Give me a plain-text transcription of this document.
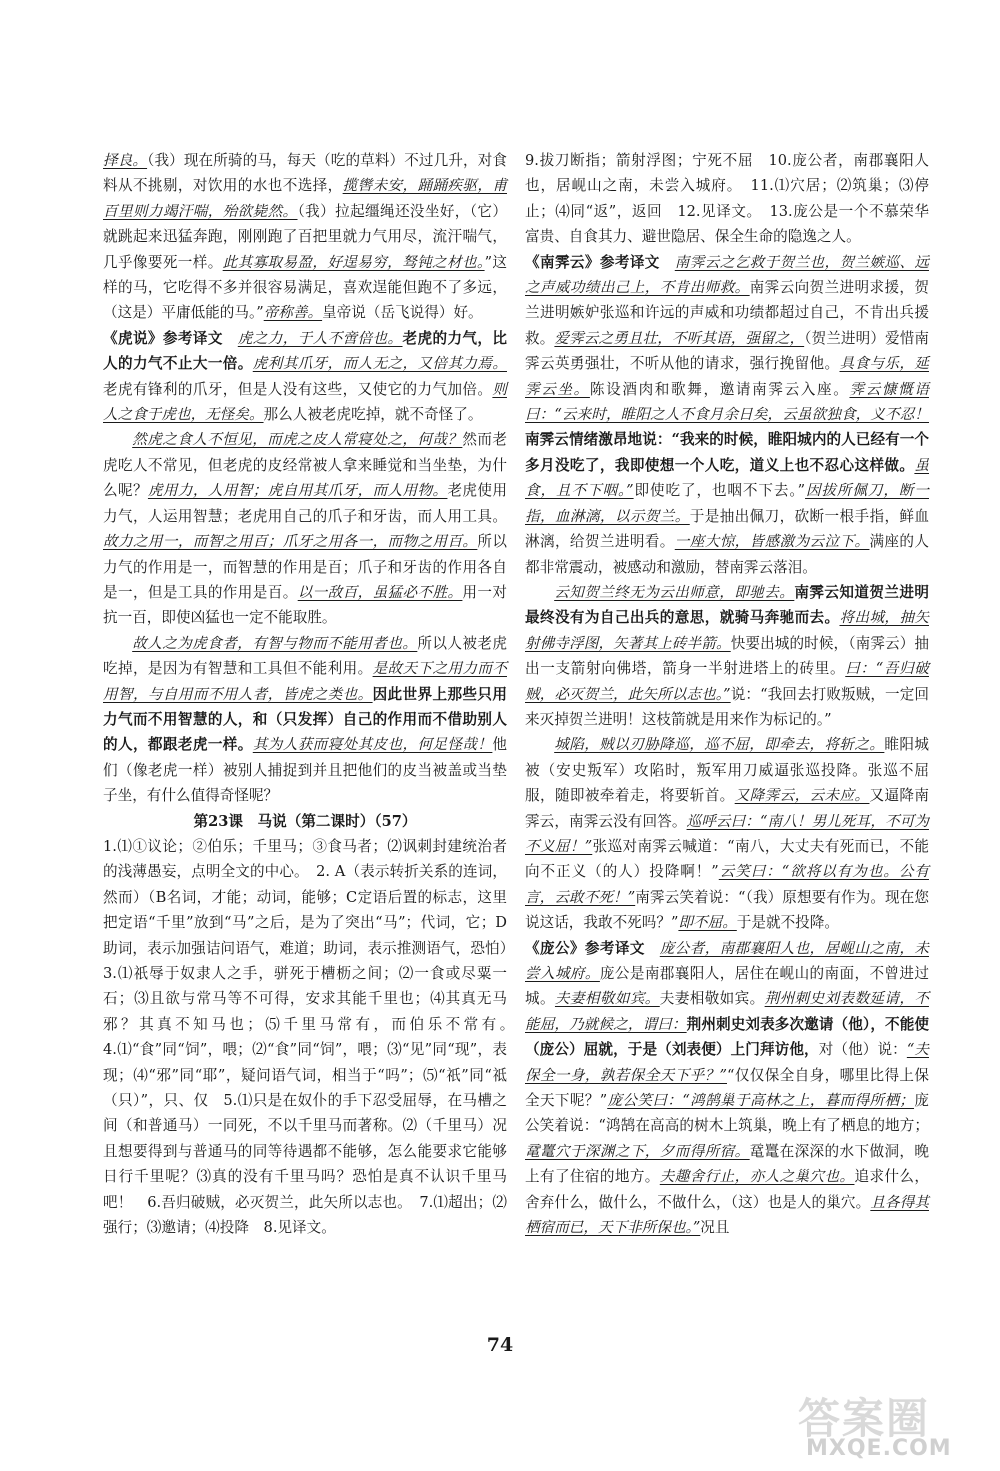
择良。（我）现在所骑的马，每天（吃的草料）不过几升，对食料从不挑剔，对饮用的水也不选择，揽辔未安，踊踊疾驱，甫百里则力竭汗喘，殆欲毙然。（我）拉起缰绳还没坐好，（它）就跳起来迅猛奔跑，刚刚跑了百把里就力气用尽，流汗喘气，几乎像要死一样。此其寡取易盈，好逞易穷，驽钝之材也。”这样的马，它吃得不多并很容易满足，喜欢逞能但跑不了多远，（这是）平庸低能的马。”帝称善。皇帝说（岳飞说得）好。

《虎说》参考译文　虎之力，于人不啻倍也。老虎的力气，比人的力气不止大一倍。虎利其爪牙，而人无之，又倍其力焉。老虎有锋利的爪牙，但是人没有这些，又使它的力气加倍。则人之食于虎也，无怪矣。那么人被老虎吃掉，就不奇怪了。

然虎之食人不恒见，而虎之皮人常寝处之，何哉？然而老虎吃人不常见，但老虎的皮经常被人拿来睡觉和当坐垫，为什么呢？虎用力，人用智；虎自用其爪牙，而人用物。老虎使用力气，人运用智慧；老虎用自己的爪子和牙齿，而人用工具。故力之用一，而智之用百；爪牙之用各一，而物之用百。所以力气的作用是一，而智慧的作用是百；爪子和牙齿的作用各自是一，但是工具的作用是百。以一敌百，虽猛必不胜。用一对抗一百，即使凶猛也一定不能取胜。

故人之为虎食者，有智与物而不能用者也。所以人被老虎吃掉，是因为有智慧和工具但不能利用。是故天下之用力而不用智，与自用而不用人者，皆虎之类也。因此世界上那些只用力气而不用智慧的人，和（只发挥）自己的作用而不借助别人的人，都跟老虎一样。其为人获而寝处其皮也，何足怪哉！他们（像老虎一样）被别人捕捉到并且把他们的皮当被盖或当垫子坐，有什么值得奇怪呢？

第23课　马说（第二课时）（57）

1.⑴①议论；②伯乐；千里马；③食马者；⑵讽刺封建统治者的浅薄愚妄，点明全文的中心。　2. A（表示转折关系的连词，然而）（B名词，才能；动词，能够；C定语后置的标志，这里把定语“千里”放到“马”之后，是为了突出“马”；代词，它；D助词，表示加强诘问语气，难道；助词，表示推测语气，恐怕）　3.⑴祇辱于奴隶人之手，骈死于槽枥之间；⑵一食或尽粟一石；⑶且欲与常马等不可得，安求其能千里也；⑷其真无马邪？其真不知马也；⑸千里马常有，而伯乐不常有。　4.⑴“食”同“饲”，喂；⑵“食”同“饲”，喂；⑶“见”同“现”，表现；⑷“邪”同“耶”，疑问语气词，相当于“吗”；⑸“祇”同“祗（只）”，只、仅　5.⑴只是在奴仆的手下忍受屈辱，在马槽之间（和普通马）一同死，不以千里马而著称。⑵（千里马）况且想要得到与普通马的同等待遇都不能够，怎么能要求它能够日行千里呢？⑶真的没有千里马吗？恐怕是真不认识千里马吧！　6.吾归破贼，必灭贺兰，此矢所以志也。　7.⑴超出；⑵强行；⑶邀请；⑷投降　8.见译文。

9.拔刀断指；箭射浮图；宁死不屈　10.庞公者，南郡襄阳人也，居岘山之南，未尝入城府。　11.⑴穴居；⑵筑巢；⑶停止；⑷同“返”，返回　12.见译文。　13.庞公是一个不慕荣华富贵、自食其力、避世隐居、保全生命的隐逸之人。

《南霁云》参考译文　南霁云之乞救于贺兰也，贺兰嫉巡、远之声威功绩出己上，不肯出师救。南霁云向贺兰进明求援，贺兰进明嫉妒张巡和许远的声威和功绩都超过自己，不肯出兵援救。爱霁云之勇且壮，不听其语，强留之，（贺兰进明）爱惜南霁云英勇强壮，不听从他的请求，强行挽留他。具食与乐，延霁云坐。陈设酒肉和歌舞，邀请南霁云入座。霁云慷慨语曰：“云来时，睢阳之人不食月余日矣，云虽欲独食，义不忍！南霁云情绪激昂地说：“我来的时候，睢阳城内的人已经有一个多月没吃了，我即使想一个人吃，道义上也不忍心这样做。虽食，且不下咽。”即使吃了，也咽不下去。”因拔所佩刀，断一指，血淋漓，以示贺兰。于是抽出佩刀，砍断一根手指，鲜血淋漓，给贺兰进明看。一座大惊，皆感激为云泣下。满座的人都非常震动，被感动和激励，替南霁云落泪。

云知贺兰终无为云出师意，即驰去。南霁云知道贺兰进明最终没有为自己出兵的意思，就骑马奔驰而去。将出城，抽矢射佛寺浮图，矢著其上砖半箭。快要出城的时候，（南霁云）抽出一支箭射向佛塔，箭身一半射进塔上的砖里。曰：“吾归破贼，必灭贺兰，此矢所以志也。”说：“我回去打败叛贼，一定回来灭掉贺兰进明！这枝箭就是用来作为标记的。”

城陷，贼以刃胁降巡，巡不屈，即牵去，将斩之。睢阳城被（安史叛军）攻陷时，叛军用刀威逼张巡投降。张巡不屈服，随即被牵着走，将要斩首。又降霁云，云未应。又逼降南霁云，南霁云没有回答。巡呼云曰：“南八！男儿死耳，不可为不义屈！”张巡对南霁云喊道：“南八，大丈夫有死而已，不能向不正义（的人）投降啊！”云笑曰：“欲将以有为也。公有言，云敢不死！”南霁云笑着说：“（我）原想要有作为。现在您说这话，我敢不死吗？”即不屈。于是就不投降。

《庞公》参考译文　庞公者，南郡襄阳人也，居岘山之南，未尝入城府。庞公是南郡襄阳人，居住在岘山的南面，不曾进过城。夫妻相敬如宾。夫妻相敬如宾。荆州刺史刘表数延请，不能屈，乃就候之，谓曰：荆州刺史刘表多次邀请（他），不能使（庞公）屈就，于是（刘表便）上门拜访他，对（他）说：“夫保全一身，孰若保全天下乎？”“仅仅保全自身，哪里比得上保全天下呢？”庞公笑曰：“鸿鹄巢于高林之上，暮而得所栖；庞公笑着说：“鸿鹄在高高的树木上筑巢，晚上有了栖息的地方；鼋鼍穴于深渊之下，夕而得所宿。鼋鼍在深深的水下做洞，晚上有了住宿的地方。夫趣舍行止，亦人之巢穴也。追求什么，舍弃什么，做什么，不做什么，（这）也是人的巢穴。且各得其栖宿而已，天下非所保也。”况且

74
答案圈
MXQE.COM
